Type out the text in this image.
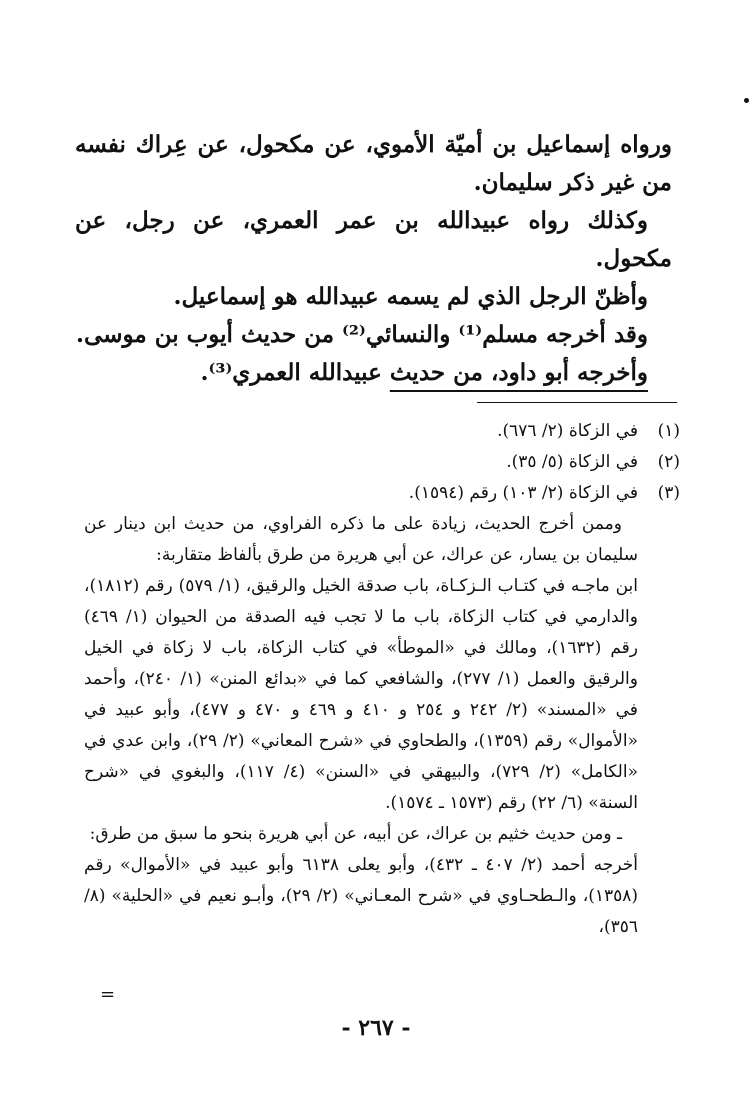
ورواه إسماعيل بن أميّة الأموي، عن مكحول، عن عِراك نفسه من غير ذكر سليمان.

وكذلك رواه عبيدالله بن عمر العمري، عن رجل، عن مكحول.

وأظنّ الرجل الذي لم يسمه عبيدالله هو إسماعيل.

وقد أخرجه مسلم⁽¹⁾ والنسائي⁽²⁾ من حديث أيوب بن موسى.

وأخرجه أبو داود، من حديث عبيدالله العمري⁽³⁾.

(١)
في الزكاة (٢/ ٦٧٦).
(٢)
في الزكاة (٥/ ٣٥).
(٣)
في الزكاة (٢/ ١٠٣) رقم (١٥٩٤).

وممن أخرج الحديث، زيادة على ما ذكره الفراوي، من حديث ابن دينار عن سليمان بن يسار، عن عراك، عن أبي هريرة من طرق بألفاظ متقاربة:

ابن ماجـه في كتـاب الـزكـاة، باب صدقة الخيل والرقيق، (١/ ٥٧٩) رقم (١٨١٢)، والدارمي في كتاب الزكاة، باب ما لا تجب فيه الصدقة من الحيوان (١/ ٤٦٩) رقم (١٦٣٢)، ومالك في «الموطأ» في كتاب الزكاة، باب لا زكاة في الخيل والرقيق والعمل (١/ ٢٧٧)، والشافعي كما في «بدائع المنن» (١/ ٢٤٠)، وأحمد في «المسند» (٢/ ٢٤٢ و ٢٥٤ و ٤١٠ و ٤٦٩ و ٤٧٠ و ٤٧٧)، وأبو عبيد في «الأموال» رقم (١٣٥٩)، والطحاوي في «شرح المعاني» (٢/ ٢٩)، وابن عدي في «الكامل» (٢/ ٧٢٩)، والبيهقي في «السنن» (٤/ ١١٧)، والبغوي في «شرح السنة» (٦/ ٢٢) رقم (١٥٧٣ ـ ١٥٧٤).

ـ ومن حديث خثيم بن عراك، عن أبيه، عن أبي هريرة بنحو ما سبق من طرق:

أخرجه أحمد (٢/ ٤٠٧ ـ ٤٣٢)، وأبو يعلى ٦١٣٨ وأبو عبيد في «الأموال» رقم (١٣٥٨)، والـطحـاوي في «شرح المعـاني» (٢/ ٢٩)، وأبـو نعيم في «الحلية» (٨/ ٣٥٦)،

=
- ٢٦٧ -
